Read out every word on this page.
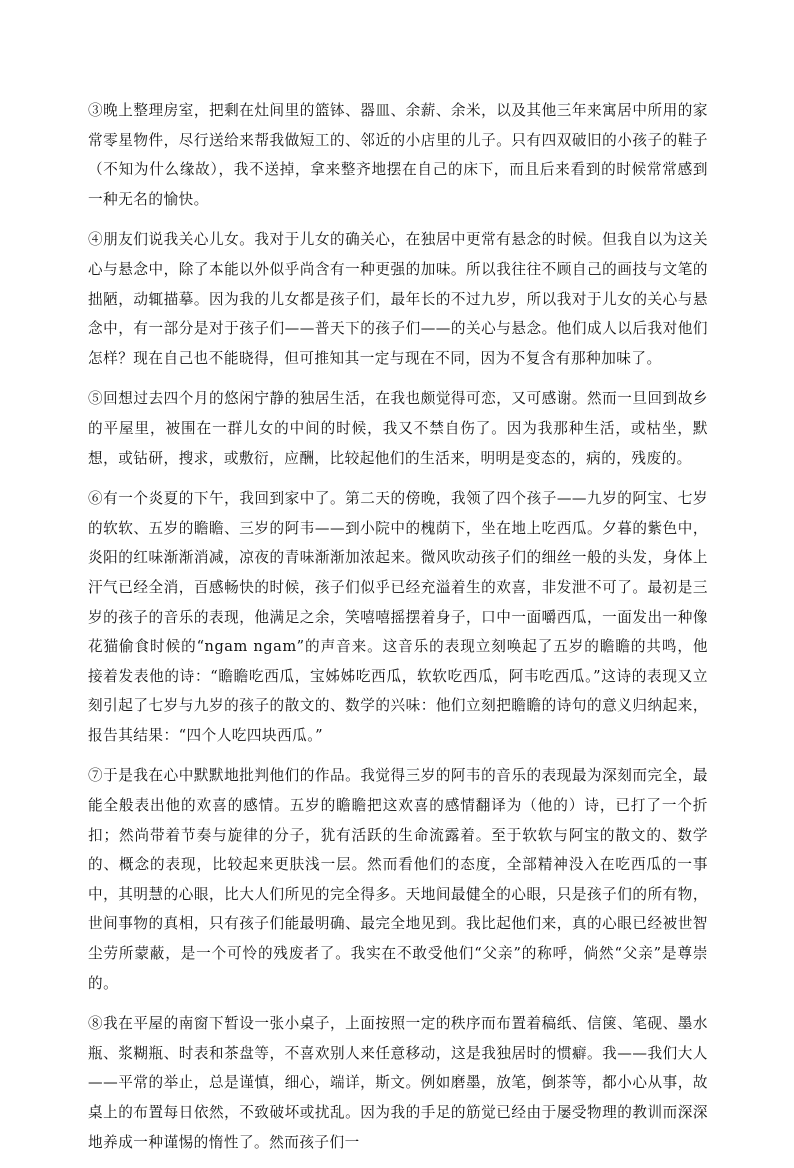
③晚上整理房室，把剩在灶间里的篮钵、器皿、余薪、余米，以及其他三年来寓居中所用的家常零星物件，尽行送给来帮我做短工的、邻近的小店里的儿子。只有四双破旧的小孩子的鞋子（不知为什么缘故），我不送掉，拿来整齐地摆在自己的床下，而且后来看到的时候常常感到一种无名的愉快。

④朋友们说我关心儿女。我对于儿女的确关心，在独居中更常有悬念的时候。但我自以为这关心与悬念中，除了本能以外似乎尚含有一种更强的加味。所以我往往不顾自己的画技与文笔的拙陋，动辄描摹。因为我的儿女都是孩子们，最年长的不过九岁，所以我对于儿女的关心与悬念中，有一部分是对于孩子们——普天下的孩子们——的关心与悬念。他们成人以后我对他们怎样？现在自己也不能晓得，但可推知其一定与现在不同，因为不复含有那种加味了。

⑤回想过去四个月的悠闲宁静的独居生活，在我也颇觉得可恋，又可感谢。然而一旦回到故乡的平屋里，被围在一群儿女的中间的时候，我又不禁自伤了。因为我那种生活，或枯坐，默想，或钻研，搜求，或敷衍，应酬，比较起他们的生活来，明明是变态的，病的，残废的。

⑥有一个炎夏的下午，我回到家中了。第二天的傍晚，我领了四个孩子——九岁的阿宝、七岁的软软、五岁的瞻瞻、三岁的阿韦——到小院中的槐荫下，坐在地上吃西瓜。夕暮的紫色中，炎阳的红味渐渐消减，凉夜的青味渐渐加浓起来。微风吹动孩子们的细丝一般的头发，身体上汗气已经全消，百感畅快的时候，孩子们似乎已经充溢着生的欢喜，非发泄不可了。最初是三岁的孩子的音乐的表现，他满足之余，笑嘻嘻摇摆着身子，口中一面嚼西瓜，一面发出一种像花猫偷食时候的“ngam ngam”的声音来。这音乐的表现立刻唤起了五岁的瞻瞻的共鸣，他接着发表他的诗：“瞻瞻吃西瓜，宝姊姊吃西瓜，软软吃西瓜，阿韦吃西瓜。”这诗的表现又立刻引起了七岁与九岁的孩子的散文的、数学的兴味：他们立刻把瞻瞻的诗句的意义归纳起来，报告其结果：“四个人吃四块西瓜。”

⑦于是我在心中默默地批判他们的作品。我觉得三岁的阿韦的音乐的表现最为深刻而完全，最能全般表出他的欢喜的感情。五岁的瞻瞻把这欢喜的感情翻译为（他的）诗，已打了一个折扣；然尚带着节奏与旋律的分子，犹有活跃的生命流露着。至于软软与阿宝的散文的、数学的、概念的表现，比较起来更肤浅一层。然而看他们的态度，全部精神没入在吃西瓜的一事中，其明慧的心眼，比大人们所见的完全得多。天地间最健全的心眼，只是孩子们的所有物，世间事物的真相，只有孩子们能最明确、最完全地见到。我比起他们来，真的心眼已经被世智尘劳所蒙蔽，是一个可怜的残废者了。我实在不敢受他们“父亲”的称呼，倘然“父亲”是尊崇的。

⑧我在平屋的南窗下暂设一张小桌子，上面按照一定的秩序而布置着稿纸、信箧、笔砚、墨水瓶、浆糊瓶、时表和茶盘等，不喜欢别人来任意移动，这是我独居时的惯癖。我——我们大人——平常的举止，总是谨慎，细心，端详，斯文。例如磨墨，放笔，倒茶等，都小心从事，故桌上的布置每日依然，不致破坏或扰乱。因为我的手足的筋觉已经由于屡受物理的教训而深深地养成一种谨惕的惰性了。然而孩子们一
